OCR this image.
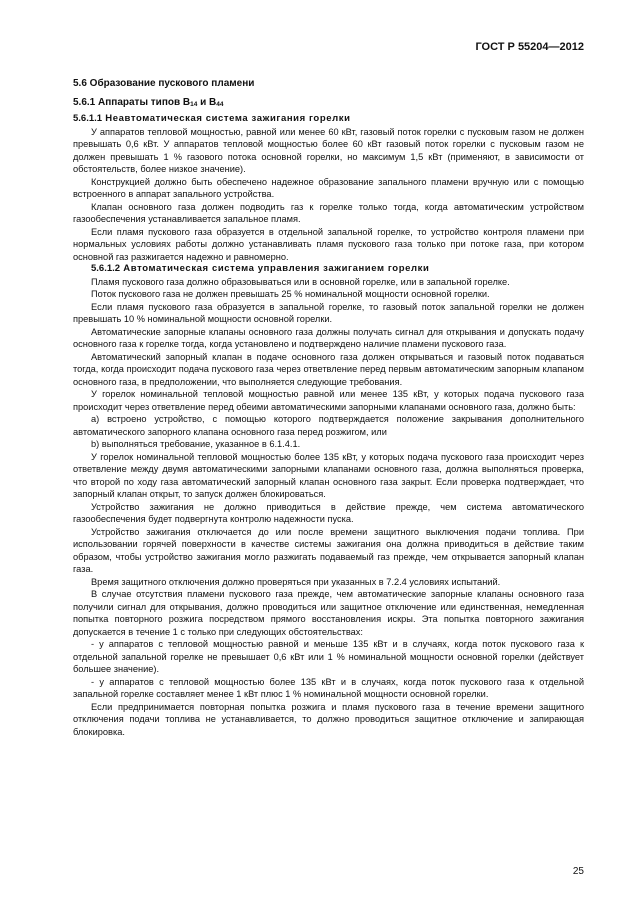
ГОСТ Р 55204—2012
5.6 Образование пускового пламени
5.6.1 Аппараты типов $B_{14}$ и $B_{44}$
5.6.1.1 Неавтоматическая система зажигания горелки

У аппаратов тепловой мощностью, равной или менее 60 кВт, газовый поток горелки с пусковым газом не должен превышать 0,6 кВт. У аппаратов тепловой мощностью более 60 кВт газовый поток горелки с пусковым газом не должен превышать 1 % газового потока основной горелки, но максимум 1,5 кВт (применяют, в зависимости от обстоятельств, более низкое значение).

Конструкцией должно быть обеспечено надежное образование запального пламени вручную или с помощью встроенного в аппарат запального устройства.

Клапан основного газа должен подводить газ к горелке только тогда, когда автоматическим устройством газообеспечения устанавливается запальное пламя.

Если пламя пускового газа образуется в отдельной запальной горелке, то устройство контроля пламени при нормальных условиях работы должно устанавливать пламя пускового газа только при потоке газа, при котором основной газ разжигается надежно и равномерно.

5.6.1.2 Автоматическая система управления зажиганием горелки

Пламя пускового газа должно образовываться или в основной горелке, или в запальной горелке.

Поток пускового газа не должен превышать 25 % номинальной мощности основной горелки.

Если пламя пускового газа образуется в запальной горелке, то газовый поток запальной горелки не должен превышать 10 % номинальной мощности основной горелки.

Автоматические запорные клапаны основного газа должны получать сигнал для открывания и допускать подачу основного газа к горелке тогда, когда установлено и подтверждено наличие пламени пускового газа.

Автоматический запорный клапан в подаче основного газа должен открываться и газовый поток подаваться тогда, когда происходит подача пускового газа через ответвление перед первым автоматическим запорным клапаном основного газа, в предположении, что выполняется следующие требования.

У горелок номинальной тепловой мощностью равной или менее 135 кВт, у которых подача пускового газа происходит через ответвление перед обеими автоматическими запорными клапанами основного газа, должно быть:

а) встроено устройство, с помощью которого подтверждается положение закрывания дополнительного автоматического запорного клапана основного газа перед розжигом, или

b) выполняться требование, указанное в 6.1.4.1.

У горелок номинальной тепловой мощностью более 135 кВт, у которых подача пускового газа происходит через ответвление между двумя автоматическими запорными клапанами основного газа, должна выполняться проверка, что второй по ходу газа автоматический запорный клапан основного газа закрыт. Если проверка подтверждает, что запорный клапан открыт, то запуск должен блокироваться.

Устройство зажигания не должно приводиться в действие прежде, чем система автоматического газообеспечения будет подвергнута контролю надежности пуска.

Устройство зажигания отключается до или после времени защитного выключения подачи топлива. При использовании горячей поверхности в качестве системы зажигания она должна приводиться в действие таким образом, чтобы устройство зажигания могло разжигать подаваемый газ прежде, чем открывается запорный клапан газа.

Время защитного отключения должно проверяться при указанных в 7.2.4 условиях испытаний.

В случае отсутствия пламени пускового газа прежде, чем автоматические запорные клапаны основного газа получили сигнал для открывания, должно проводиться или защитное отключение или единственная, немедленная попытка повторного розжига посредством прямого восстановления искры. Эта попытка повторного зажигания допускается в течение 1 с только при следующих обстоятельствах:

- у аппаратов с тепловой мощностью равной и меньше 135 кВт и в случаях, когда поток пускового газа к отдельной запальной горелке не превышает 0,6 кВт или 1 % номинальной мощности основной горелки (действует большее значение).

- у аппаратов с тепловой мощностью более 135 кВт и в случаях, когда поток пускового газа к отдельной запальной горелке составляет менее 1 кВт плюс 1 % номинальной мощности основной горелки.

Если предпринимается повторная попытка розжига и пламя пускового газа в течение времени защитного отключения подачи топлива не устанавливается, то должно проводиться защитное отключение и запирающая блокировка.

25
